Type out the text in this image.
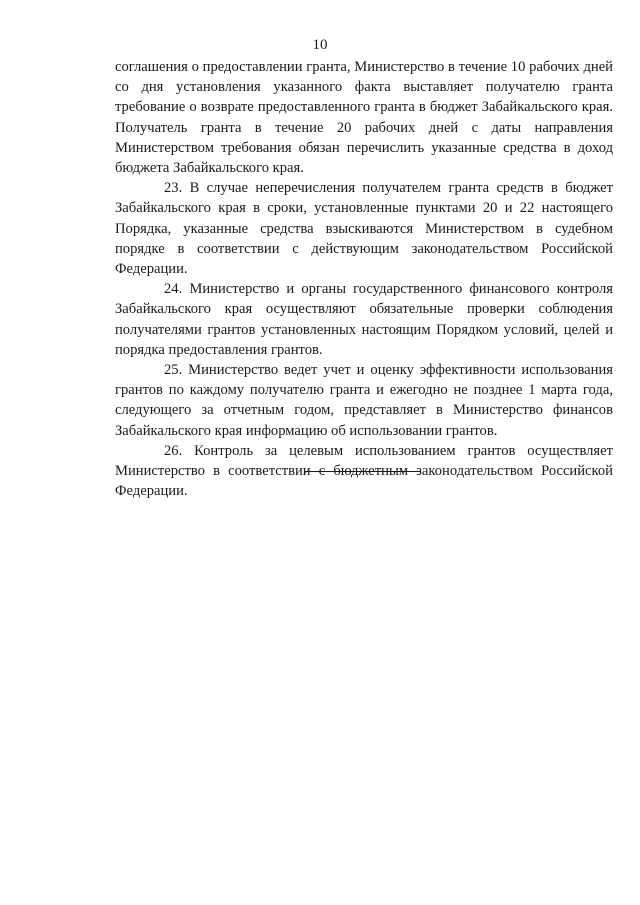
10

соглашения о предоставлении гранта, Министерство в течение 10 рабочих дней со дня установления указанного факта выставляет получателю гранта требование о возврате предоставленного гранта в бюджет Забайкальского края. Получатель гранта в течение 20 рабочих дней с даты направления Министерством требования обязан перечислить указанные средства в доход бюджета Забайкальского края.

23. В случае неперечисления получателем гранта средств в бюджет Забайкальского края в сроки, установленные пунктами 20 и 22 настоящего Порядка, указанные средства взыскиваются Министерством в судебном порядке в соответствии с действующим законодательством Российской Федерации.

24. Министерство и органы государственного финансового контроля Забайкальского края осуществляют обязательные проверки соблюдения получателями грантов установленных настоящим Порядком условий, целей и порядка предоставления грантов.

25. Министерство ведет учет и оценку эффективности использования грантов по каждому получателю гранта и ежегодно не позднее 1 марта года, следующего за отчетным годом, представляет в Министерство финансов Забайкальского края информацию об использовании грантов.

26. Контроль за целевым использованием грантов осуществляет Министерство в соответствии с бюджетным законодательством Российской Федерации.
